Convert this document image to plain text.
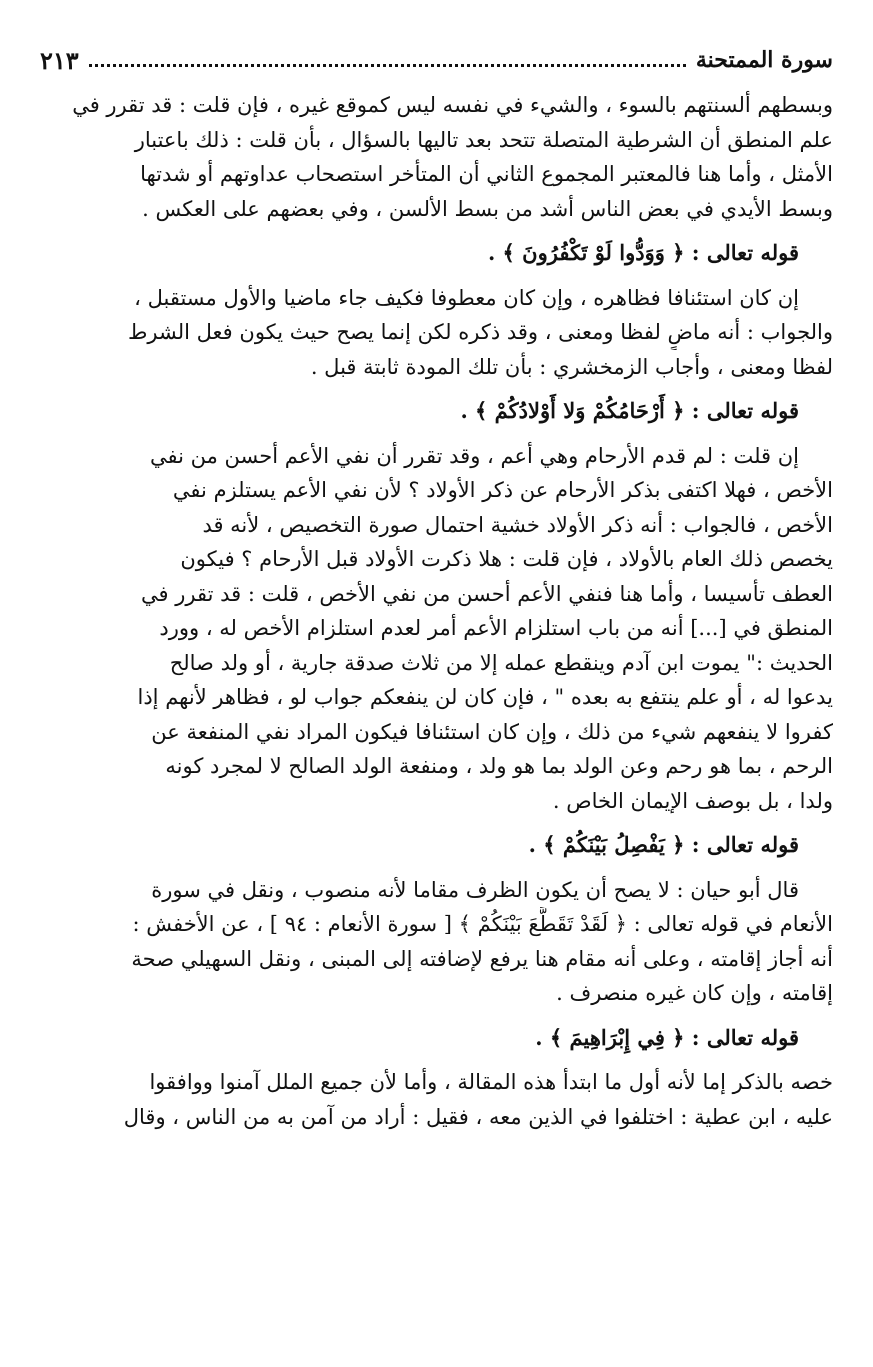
سورة الممتحنة
٢١٣
وبسطهم ألسنتهم بالسوء ، والشيء في نفسه ليس كموقع غيره ، فإن قلت : قد تقرر في
علم المنطق أن الشرطية المتصلة تتحد بعد تاليها بالسؤال ، بأن قلت : ذلك باعتبار
الأمثل ، وأما هنا فالمعتبر المجموع الثاني أن المتأخر استصحاب عداوتهم أو شدتها
وبسط الأيدي في بعض الناس أشد من بسط الألسن ، وفي بعضهم على العكس .
قوله تعالى : ﴿ وَوَدُّوا لَوْ تَكْفُرُونَ ﴾ .
إن كان استئنافا فظاهره ، وإن كان معطوفا فكيف جاء ماضيا والأول مستقبل ،
والجواب : أنه ماضٍ لفظا ومعنى ، وقد ذكره لكن إنما يصح حيث يكون فعل الشرط
لفظا ومعنى ، وأجاب الزمخشري : بأن تلك المودة ثابتة قبل .
قوله تعالى : ﴿ أَرْحَامُكُمْ وَلا أَوْلادُكُمْ ﴾ .
إن قلت : لم قدم الأرحام وهي أعم ، وقد تقرر أن نفي الأعم أحسن من نفي
الأخص ، فهلا اكتفى بذكر الأرحام عن ذكر الأولاد ؟ لأن نفي الأعم يستلزم نفي
الأخص ، فالجواب : أنه ذكر الأولاد خشية احتمال صورة التخصيص ، لأنه قد
يخصص ذلك العام بالأولاد ، فإن قلت : هلا ذكرت الأولاد قبل الأرحام ؟ فيكون
العطف تأسيسا ، وأما هنا فنفي الأعم أحسن من نفي الأخص ، قلت : قد تقرر في
المنطق في [...] أنه من باب استلزام الأعم أمر لعدم استلزام الأخص له ، وورد
الحديث :" يموت ابن آدم وينقطع عمله إلا من ثلاث صدقة جارية ، أو ولد صالح
يدعوا له ، أو علم ينتفع به بعده " ، فإن كان لن ينفعكم جواب لو ، فظاهر لأنهم إذا
كفروا لا ينفعهم شيء من ذلك ، وإن كان استئنافا فيكون المراد نفي المنفعة عن
الرحم ، بما هو رحم وعن الولد بما هو ولد ، ومنفعة الولد الصالح لا لمجرد كونه
ولدا ، بل بوصف الإيمان الخاص .
قوله تعالى : ﴿ يَفْصِلُ بَيْنَكُمْ ﴾ .
قال أبو حيان : لا يصح أن يكون الظرف مقاما لأنه منصوب ، ونقل في سورة
الأنعام في قوله تعالى : ﴿ لَقَدْ تَقَطَّعَ بَيْنَكُمْ ﴾ [ سورة الأنعام : ٩٤ ] ، عن الأخفش :
أنه أجاز إقامته ، وعلى أنه مقام هنا يرفع لإضافته إلى المبنى ، ونقل السهيلي صحة
إقامته ، وإن كان غيره منصرف .
قوله تعالى : ﴿ فِي إِبْرَاهِيمَ ﴾ .
خصه بالذكر إما لأنه أول ما ابتدأ هذه المقالة ، وأما لأن جميع الملل آمنوا ووافقوا
عليه ، ابن عطية : اختلفوا في الذين معه ، فقيل : أراد من آمن به من الناس ، وقال
